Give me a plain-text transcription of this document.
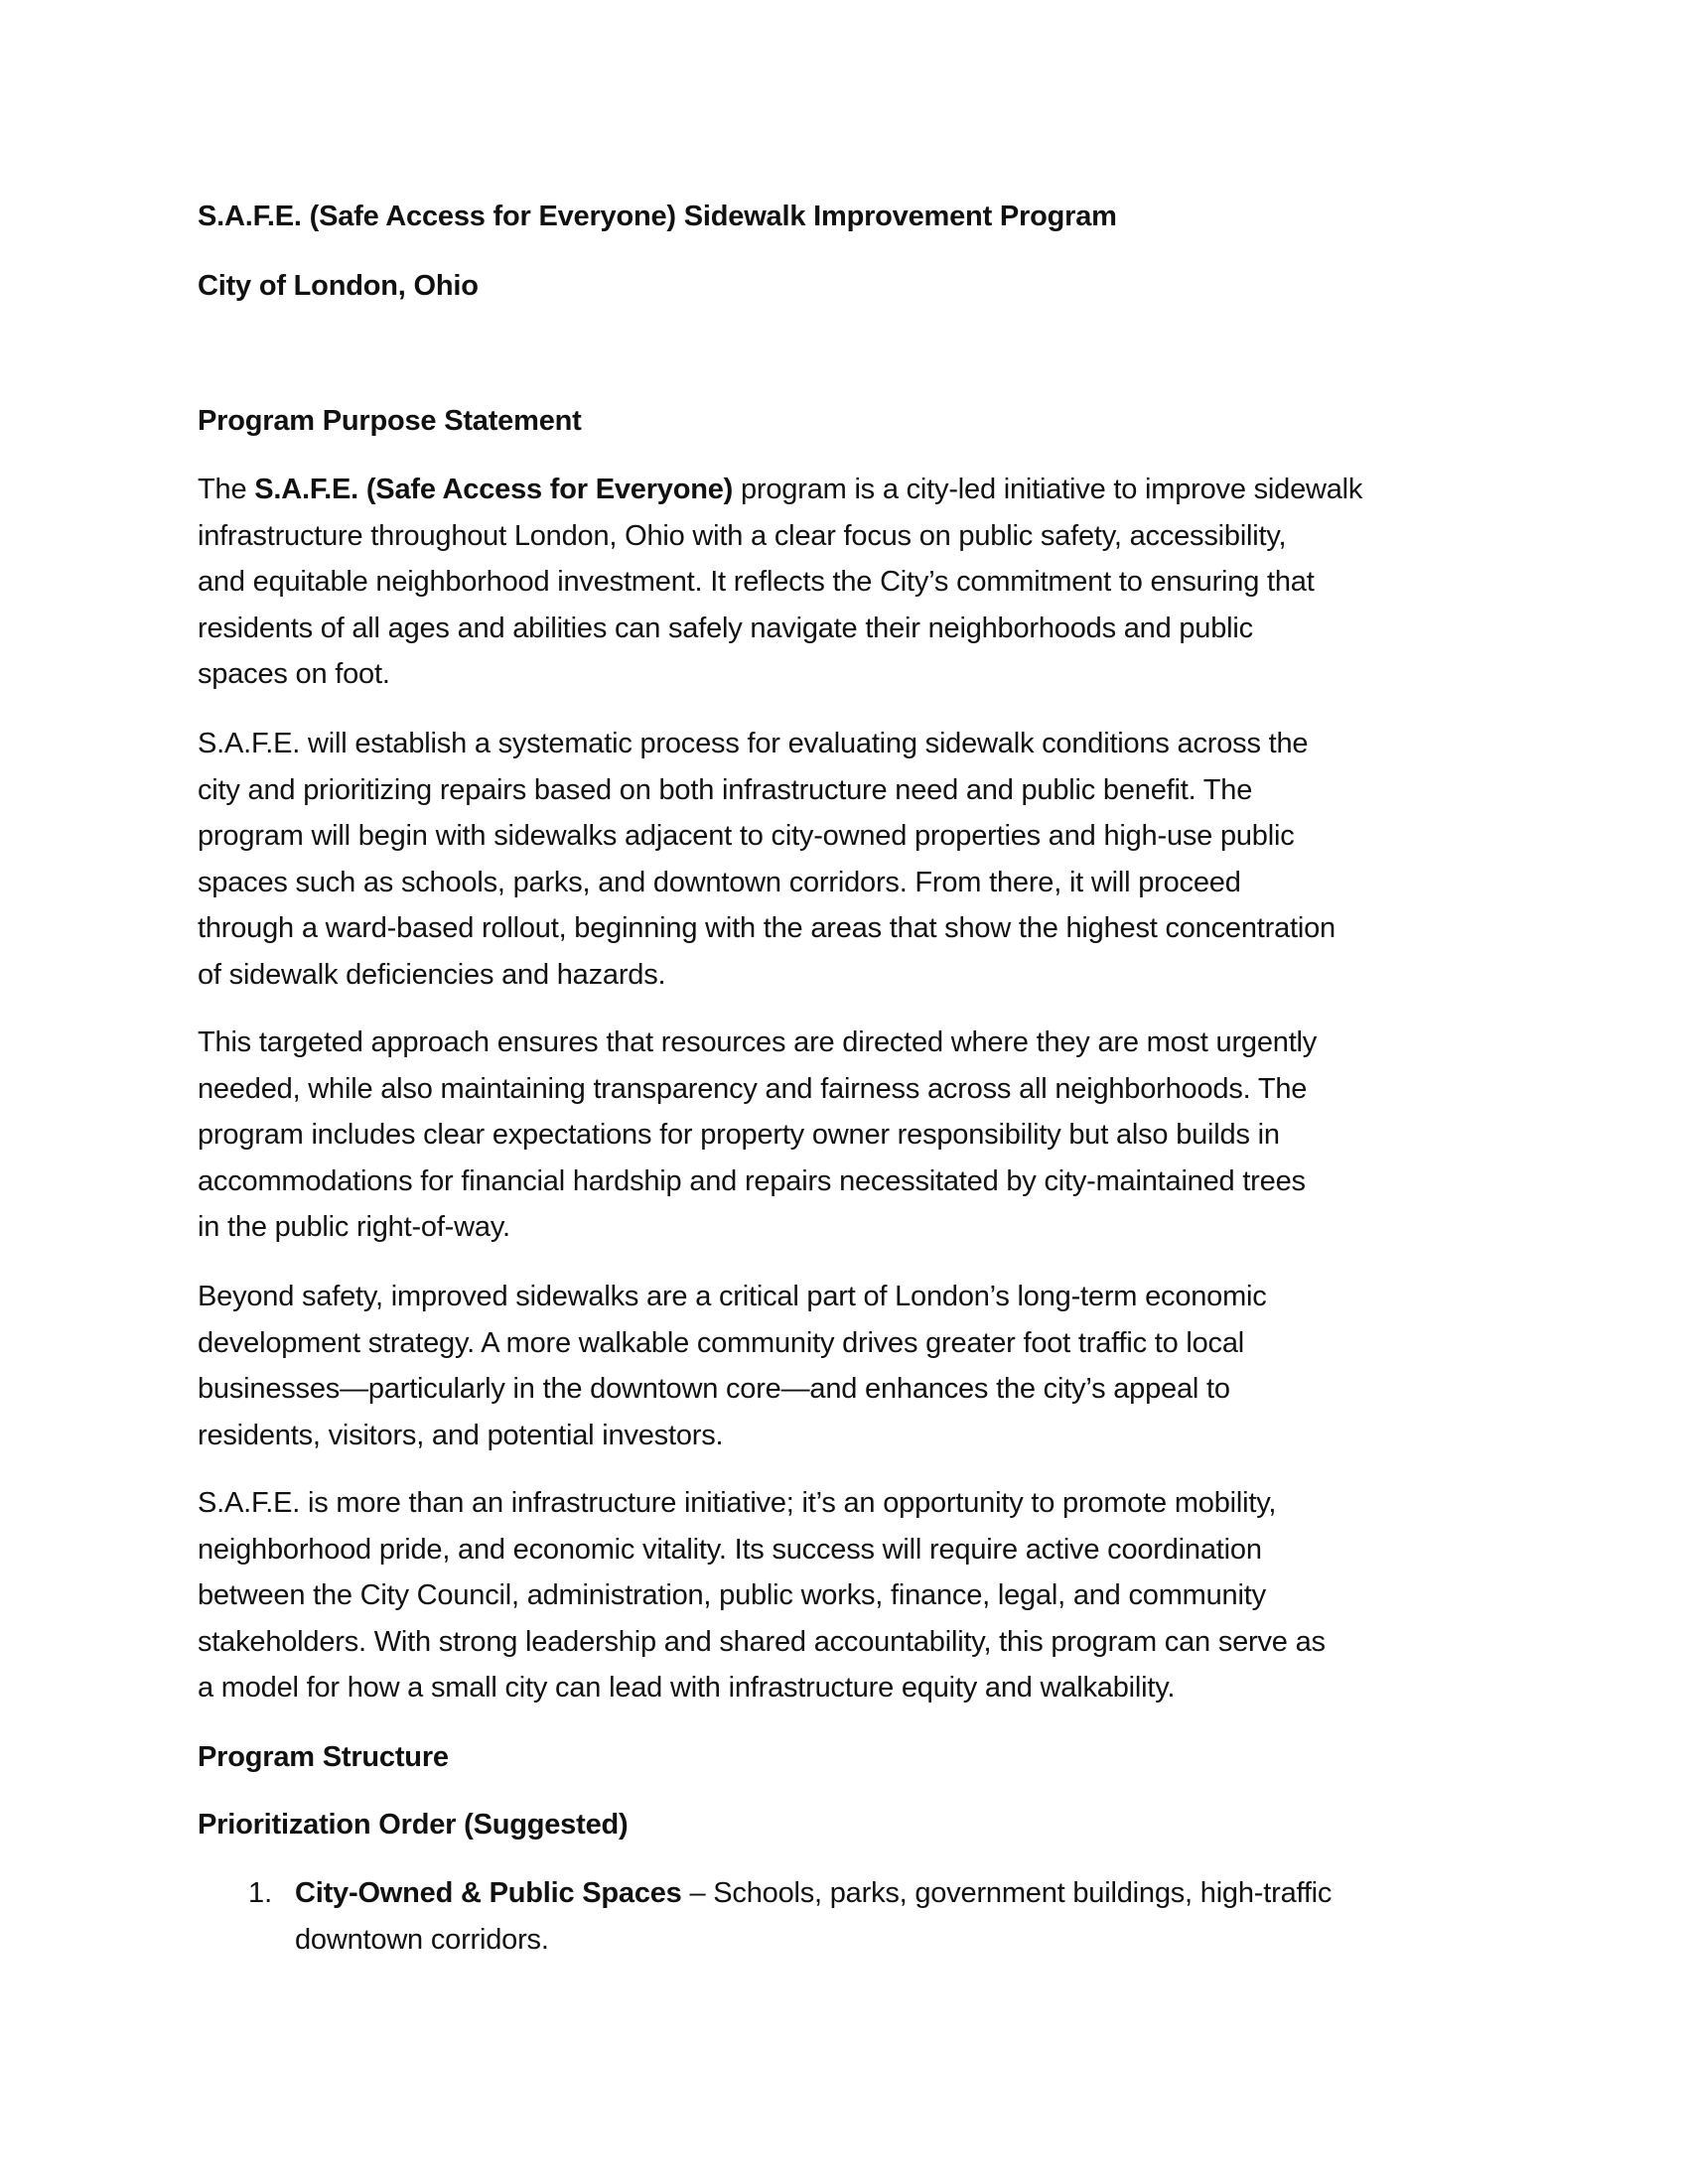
S.A.F.E. (Safe Access for Everyone) Sidewalk Improvement Program
City of London, Ohio
Program Purpose Statement
The S.A.F.E. (Safe Access for Everyone) program is a city-led initiative to improve sidewalk
infrastructure throughout London, Ohio with a clear focus on public safety, accessibility,
and equitable neighborhood investment. It reflects the City’s commitment to ensuring that
residents of all ages and abilities can safely navigate their neighborhoods and public
spaces on foot.
S.A.F.E. will establish a systematic process for evaluating sidewalk conditions across the
city and prioritizing repairs based on both infrastructure need and public benefit. The
program will begin with sidewalks adjacent to city-owned properties and high-use public
spaces such as schools, parks, and downtown corridors. From there, it will proceed
through a ward-based rollout, beginning with the areas that show the highest concentration
of sidewalk deficiencies and hazards.
This targeted approach ensures that resources are directed where they are most urgently
needed, while also maintaining transparency and fairness across all neighborhoods. The
program includes clear expectations for property owner responsibility but also builds in
accommodations for financial hardship and repairs necessitated by city-maintained trees
in the public right-of-way.
Beyond safety, improved sidewalks are a critical part of London’s long-term economic
development strategy. A more walkable community drives greater foot traffic to local
businesses—particularly in the downtown core—and enhances the city’s appeal to
residents, visitors, and potential investors.
S.A.F.E. is more than an infrastructure initiative; it’s an opportunity to promote mobility,
neighborhood pride, and economic vitality. Its success will require active coordination
between the City Council, administration, public works, finance, legal, and community
stakeholders. With strong leadership and shared accountability, this program can serve as
a model for how a small city can lead with infrastructure equity and walkability.
Program Structure
Prioritization Order (Suggested)
1. City-Owned & Public Spaces – Schools, parks, government buildings, high-traffic
downtown corridors.
